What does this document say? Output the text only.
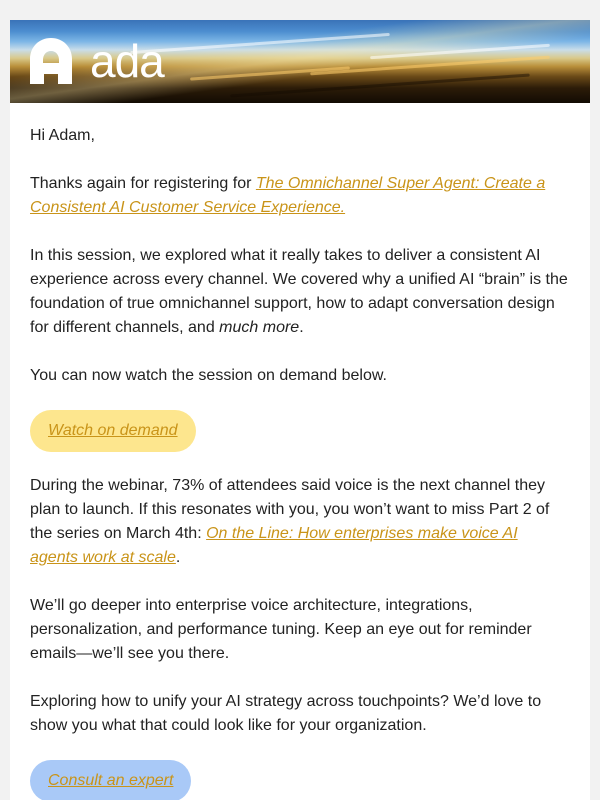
ada

Hi Adam,

Thanks again for registering for The Omnichannel Super Agent: Create a Consistent AI Customer Service Experience.

In this session, we explored what it really takes to deliver a consistent AI experience across every channel. We covered why a unified AI “brain” is the foundation of true omnichannel support, how to adapt conversation design for different channels, and much more.

You can now watch the session on demand below.

Watch on demand

During the webinar, 73% of attendees said voice is the next channel they plan to launch. If this resonates with you, you won’t want to miss Part 2 of the series on March 4th: On the Line: How enterprises make voice AI agents work at scale.

We’ll go deeper into enterprise voice architecture, integrations, personalization, and performance tuning. Keep an eye out for reminder emails—we’ll see you there.

Exploring how to unify your AI strategy across touchpoints? We’d love to show you what that could look like for your organization.

Consult an expert
